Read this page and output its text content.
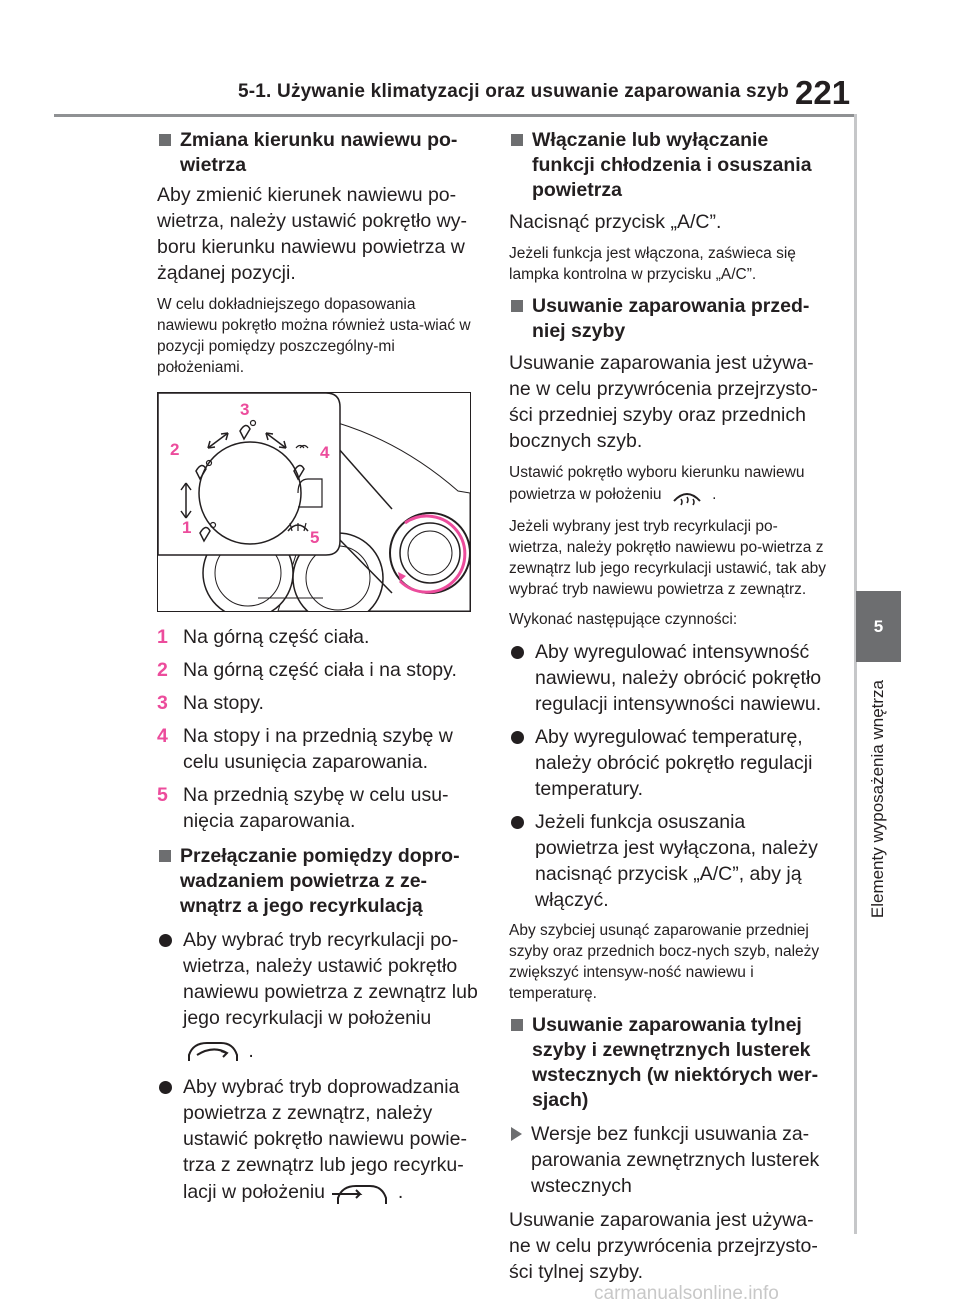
5-1. Używanie klimatyzacji oraz usuwanie zaparowania szyb 221
5
Elementy wyposażenia wnętrza
Zmiana kierunku nawiewu po-wietrza
Aby zmienić kierunek nawiewu po-wietrza, należy ustawić pokrętło wy-boru kierunku nawiewu powietrza w żądanej pozycji.
W celu dokładniejszego dopasowania nawiewu pokrętło można również usta-wiać w pozycji pomiędzy poszczególny-mi położeniami.
3
2	4
1
5
1 Na górną część ciała.
2 Na górną część ciała i na stopy.
3 Na stopy.
4 Na stopy i na przednią szybę w celu usunięcia zaparowania.
5 Na przednią szybę w celu usu-nięcia zaparowania.
Przełączanie pomiędzy dopro-wadzaniem powietrza z ze-wnątrz a jego recyrkulacją
Aby wybrać tryb recyrkulacji po-wietrza, należy ustawić pokrętło nawiewu powietrza z zewnątrz lub jego recyrkulacji w położeniu
.
Aby wybrać tryb doprowadzania powietrza z zewnątrz, należy ustawić pokrętło nawiewu powie-trza z zewnątrz lub jego recyrku-lacji w położeniu	.
Włączanie lub wyłączanie funkcji chłodzenia i osuszania powietrza
Nacisnąć przycisk „A/C”.
Jeżeli funkcja jest włączona, zaświeca się lampka kontrolna w przycisku „A/C”.
Usuwanie zaparowania przed-niej szyby
Usuwanie zaparowania jest używa-ne w celu przywrócenia przejrzysto-ści przedniej szyby oraz przednich bocznych szyb.
Ustawić pokrętło wyboru kierunku nawiewu powietrza w położeniu	.
Jeżeli wybrany jest tryb recyrkulacji po-wietrza, należy pokrętło nawiewu po-wietrza z zewnątrz lub jego recyrkulacji ustawić, tak aby wybrać tryb nawiewu powietrza z zewnątrz.
Wykonać następujące czynności:
Aby wyregulować intensywność nawiewu, należy obrócić pokrętło regulacji intensywności nawiewu.
Aby wyregulować temperaturę, należy obrócić pokrętło regulacji temperatury.
Jeżeli funkcja osuszania powietrza jest wyłączona, należy nacisnąć przycisk „A/C”, aby ją włączyć.
Aby szybciej usunąć zaparowanie przedniej szyby oraz przednich bocz-nych szyb, należy zwiększyć intensyw-ność nawiewu i temperaturę.
Usuwanie zaparowania tylnej szyby i zewnętrznych lusterek wstecznych (w niektórych wer-sjach)
Wersje bez funkcji usuwania za-parowania zewnętrznych lusterek wstecznych
Usuwanie zaparowania jest używa-ne w celu przywrócenia przejrzysto-ści tylnej szyby.
carmanualsonline.info
